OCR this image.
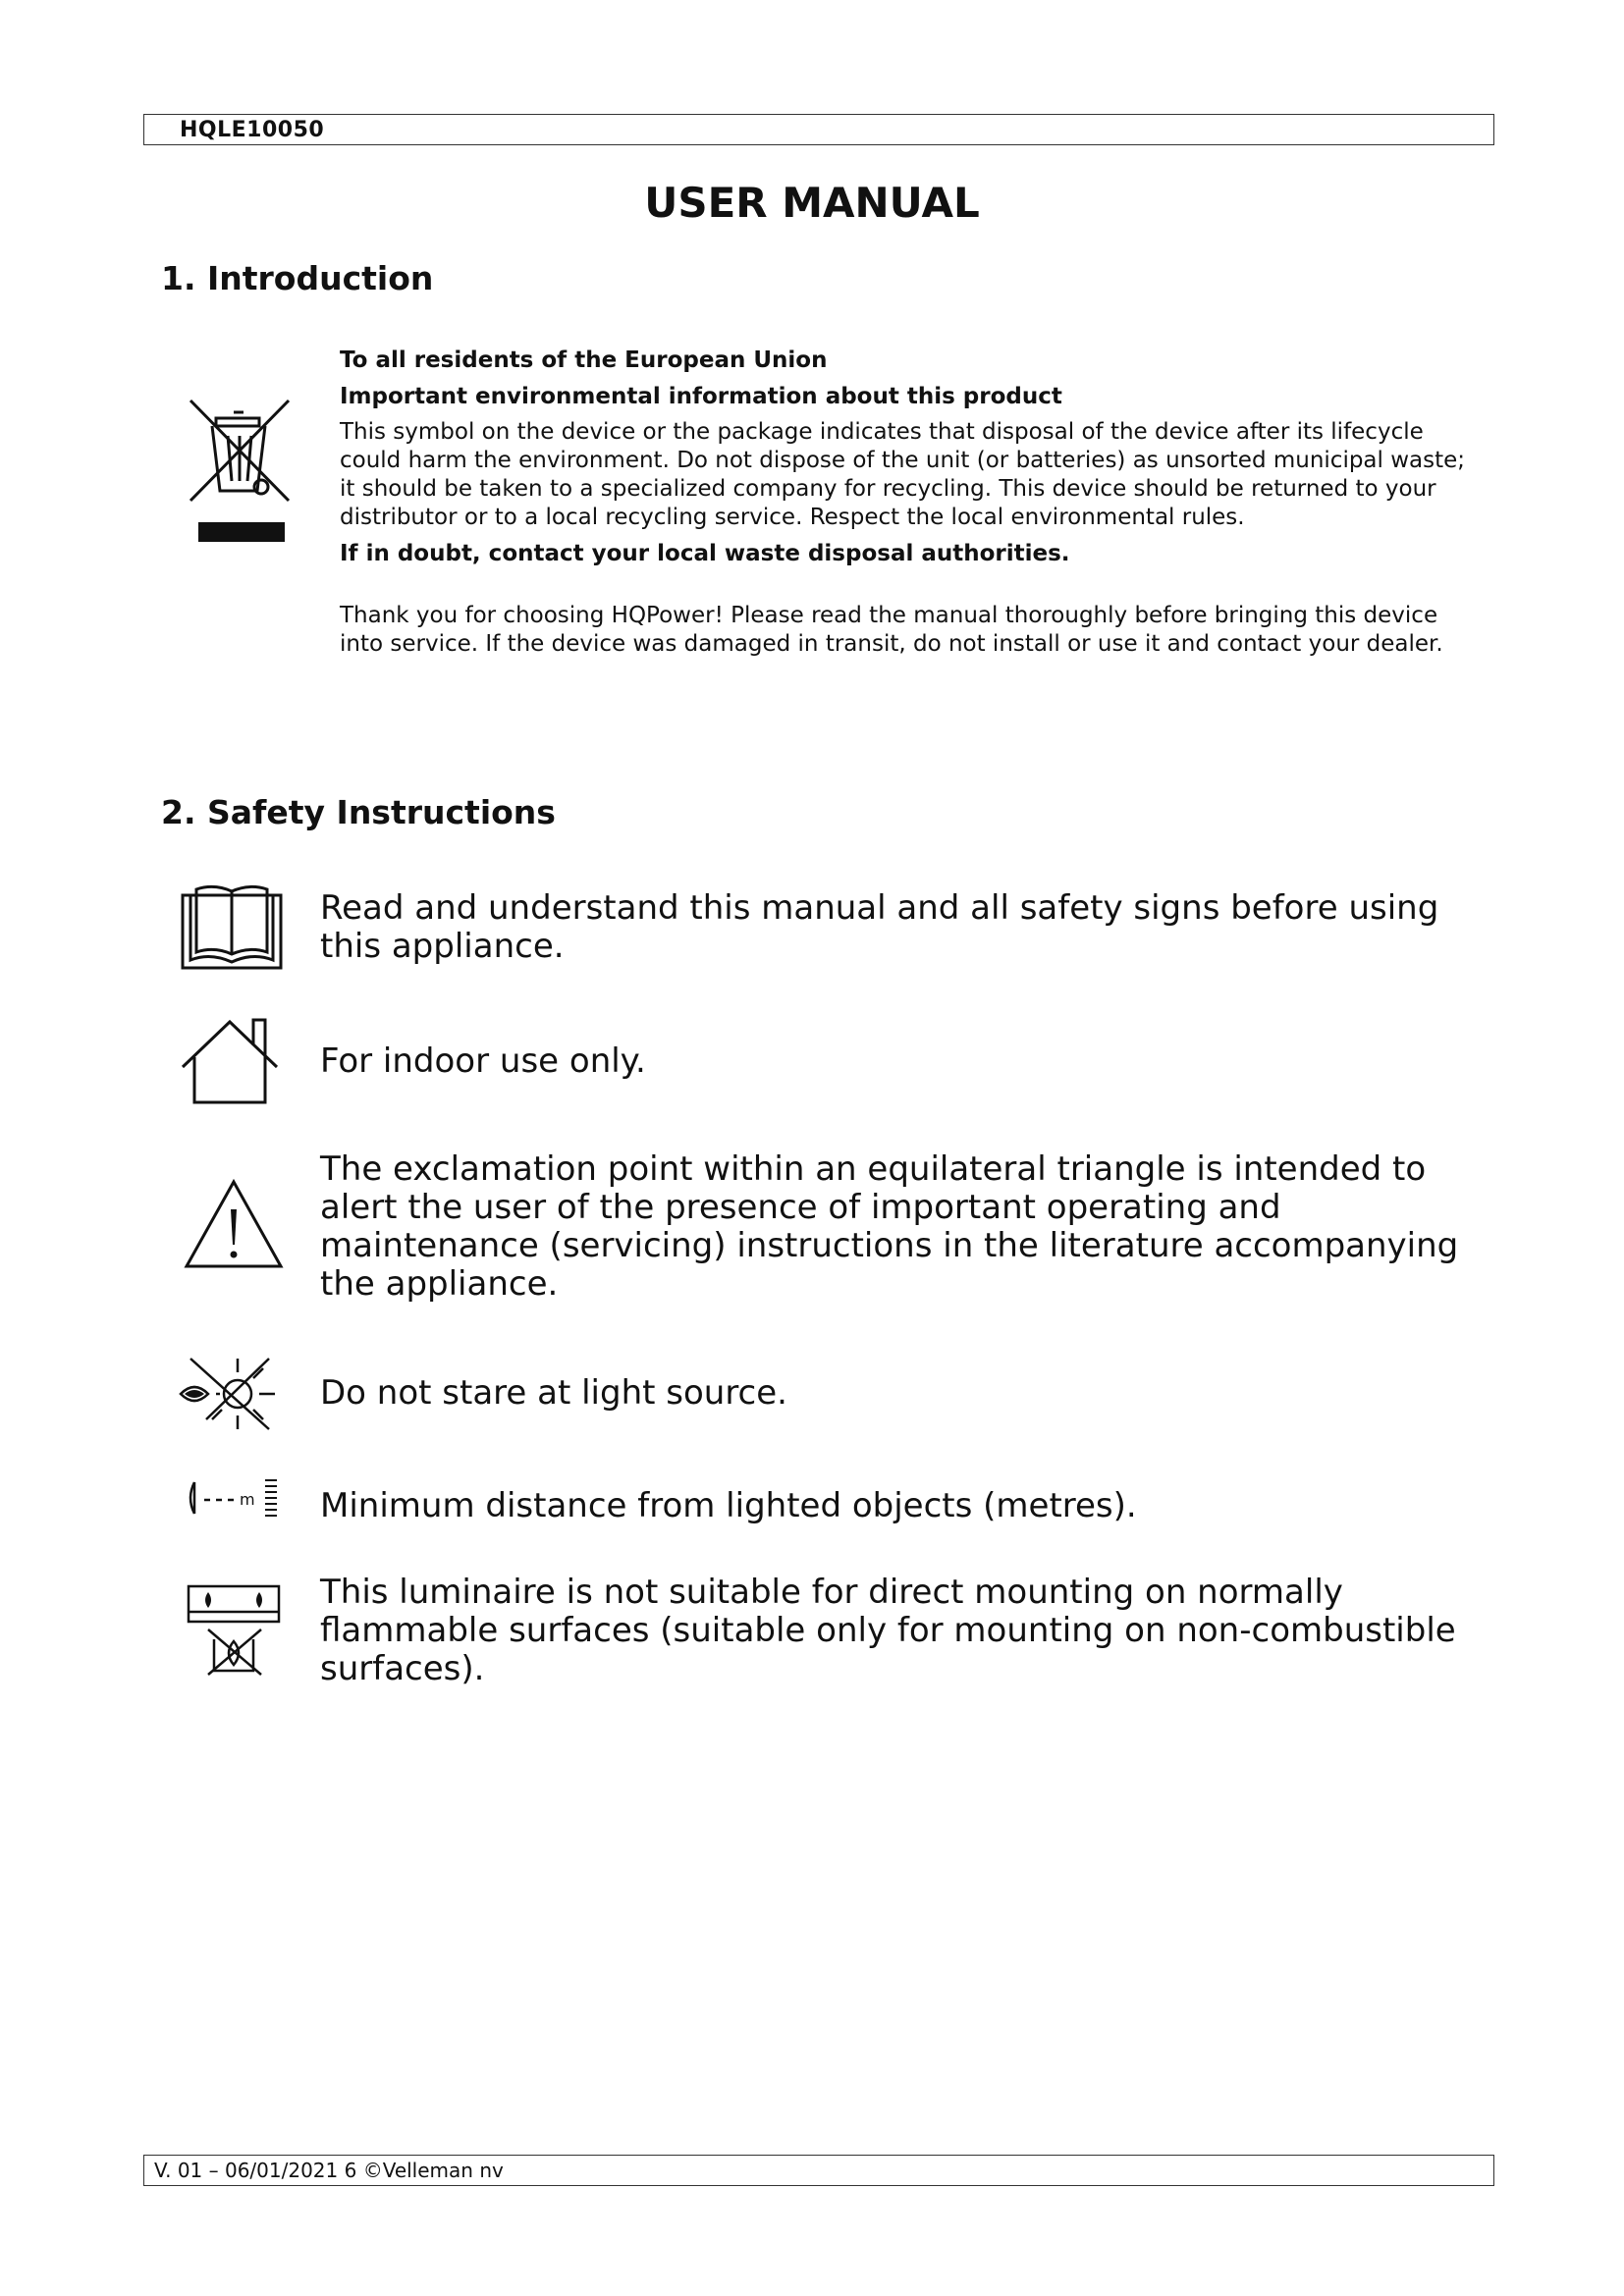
HQLE10050
USER MANUAL
1. Introduction
To all residents of the European Union
Important environmental information about this product
This symbol on the device or the package indicates that disposal of the device after its lifecycle could harm the environment. Do not dispose of the unit (or batteries) as unsorted municipal waste; it should be taken to a specialized company for recycling. This device should be returned to your distributor or to a local recycling service. Respect the local environmental rules.
If in doubt, contact your local waste disposal authorities.
Thank you for choosing HQPower! Please read the manual thoroughly before bringing this device into service. If the device was damaged in transit, do not install or use it and contact your dealer.
2. Safety Instructions
Read and understand this manual and all safety signs before using this appliance.
For indoor use only.
The exclamation point within an equilateral triangle is intended to alert the user of the presence of important operating and maintenance (servicing) instructions in the literature accompanying the appliance.
Do not stare at light source.
m Minimum distance from lighted objects (metres).
This luminaire is not suitable for direct mounting on normally flammable surfaces (suitable only for mounting on non-combustible surfaces).
V. 01 – 06/01/2021 6 ©Velleman nv
